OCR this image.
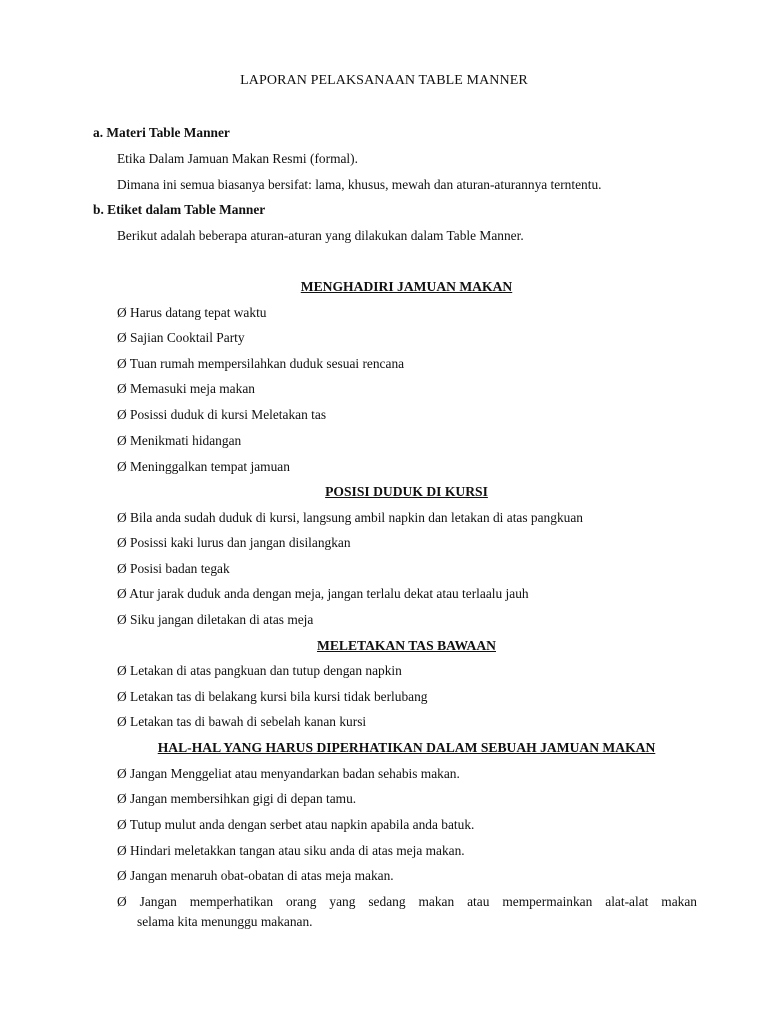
LAPORAN PELAKSANAAN TABLE MANNER
a. Materi Table Manner
Etika Dalam Jamuan Makan Resmi (formal).
Dimana ini semua biasanya bersifat: lama, khusus, mewah dan aturan-aturannya terntentu.
b. Etiket dalam Table Manner
Berikut adalah beberapa aturan-aturan yang dilakukan dalam Table Manner.
MENGHADIRI JAMUAN MAKAN
Ø Harus datang tepat waktu
Ø Sajian Cooktail Party
Ø Tuan rumah mempersilahkan duduk sesuai rencana
Ø Memasuki meja makan
Ø Posissi duduk di kursi Meletakan tas
Ø Menikmati hidangan
Ø Meninggalkan tempat jamuan
POSISI DUDUK DI KURSI
Ø Bila anda sudah duduk di kursi, langsung ambil napkin dan letakan di atas pangkuan
Ø Posissi kaki lurus dan jangan disilangkan
Ø Posisi badan tegak
Ø Atur jarak duduk anda dengan meja, jangan terlalu dekat atau terlaalu jauh
Ø Siku jangan diletakan di atas meja
MELETAKAN TAS BAWAAN
Ø Letakan di atas pangkuan dan tutup dengan napkin
Ø Letakan tas di belakang kursi bila kursi tidak berlubang
Ø Letakan tas di bawah di sebelah kanan kursi
HAL-HAL YANG HARUS DIPERHATIKAN DALAM SEBUAH JAMUAN MAKAN
Ø Jangan Menggeliat atau menyandarkan badan sehabis makan.
Ø Jangan membersihkan gigi di depan tamu.
Ø Tutup mulut anda dengan serbet atau napkin apabila anda batuk.
Ø Hindari meletakkan tangan atau siku anda di atas meja makan.
Ø Jangan menaruh obat-obatan di atas meja makan.
Ø Jangan memperhatikan orang yang sedang makan atau mempermainkan alat-alat makan
selama kita menunggu makanan.
